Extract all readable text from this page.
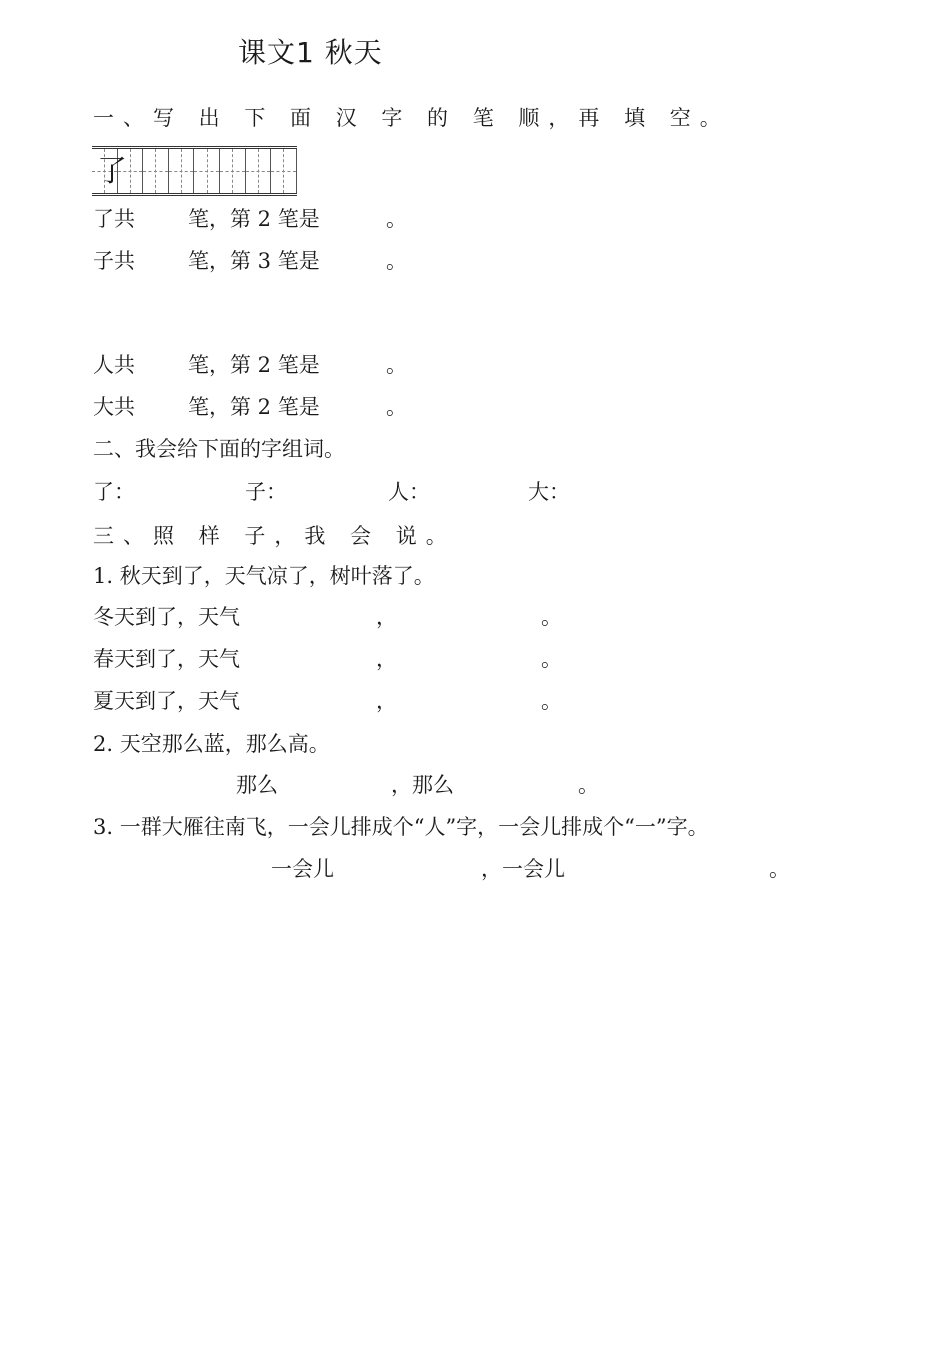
课文1 秋天
一、写 出 下 面 汉 字 的 笔 顺，再 填 空。
了
了共	笔，第 2 笔是	。
子共	笔，第 3 笔是	。
人共	笔，第 2 笔是	。
大共	笔，第 2 笔是	。
二、我会给下面的字组词。
了：	子：	人：	大：
三、照 样 子，我 会 说。
1. 秋天到了，天气凉了，树叶落了。
冬天到了，天气	，	。
春天到了，天气	，	。
夏天到了，天气	，	。
2. 天空那么蓝，那么高。
那么	，那么	。
3. 一群大雁往南飞，一会儿排成个“人”字，一会儿排成个“一”字。
一会儿	，一会儿	。
